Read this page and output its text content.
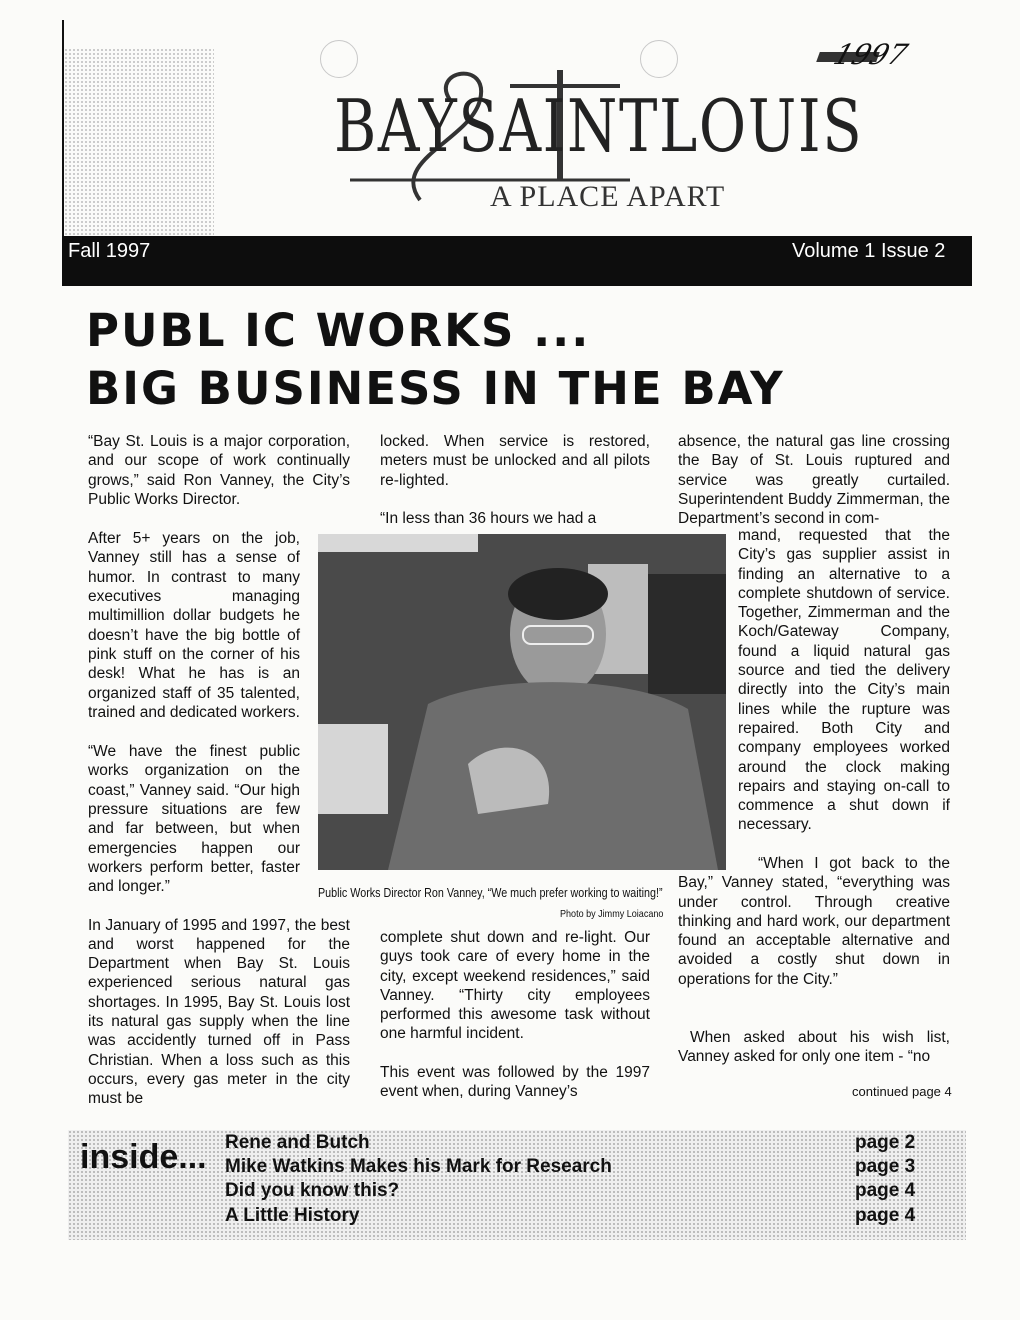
BAYSAINTLOUIS
A PLACE APART
1997
Fall 1997	Volume 1 Issue 2
PUBL IC WORKS ...
BIG BUSINESS IN THE BAY

“Bay St. Louis is a major corporation, and our scope of work continually grows,” said Ron Vanney, the City’s Public Works Director.

After 5+ years on the job, Vanney still has a sense of humor. In contrast to many executives managing multimillion dollar budgets he doesn’t have the big bottle of pink stuff on the corner of his desk! What he has is an organized staff of 35 talented, trained and dedicated workers.

“We have the finest public works organization on the coast,” Vanney said. “Our high pressure situations are few and far between, but when emergencies happen our workers perform better, faster and longer.”

In January of 1995 and 1997, the best and worst happened for the Department when Bay St. Louis experienced serious natural gas shortages. In 1995, Bay St. Louis lost its natural gas supply when the line was accidently turned off in Pass Christian. When a loss such as this occurs, every gas meter in the city must be

locked. When service is restored, meters must be unlocked and all pilots re-lighted.

“In less than 36 hours we had a

Public Works Director Ron Vanney, “We much prefer working to waiting!”
Photo by Jimmy Loiacano

complete shut down and re-light. Our guys took care of every home in the city, except weekend residences,” said Vanney. “Thirty city employees performed this awesome task without one harmful incident.

This event was followed by the 1997 event when, during Vanney’s

absence, the natural gas line crossing the Bay of St. Louis ruptured and service was greatly curtailed. Superintendent Buddy Zimmerman, the Department’s second in com-
mand, requested that the City’s gas supplier assist in finding an alternative to a complete shutdown of service. Together, Zimmerman and the Koch/Gateway Company, found a liquid natural gas source and tied the delivery directly into the City’s main lines while the rupture was repaired. Both City and company employees worked around the clock making repairs and staying on-call to commence a shut down if necessary.
“When I got back to the Bay,” Vanney stated, “everything was under control. Through creative thinking and hard work, our department found an acceptable alternative and avoided a costly shut down in operations for the City.”
When asked about his wish list, Vanney asked for only one item - “no
continued page 4
inside... Rene and Butch
Mike Watkins Makes his Mark for Research
Did you know this?
A Little History
page 2
page 3
page 4
page 4
